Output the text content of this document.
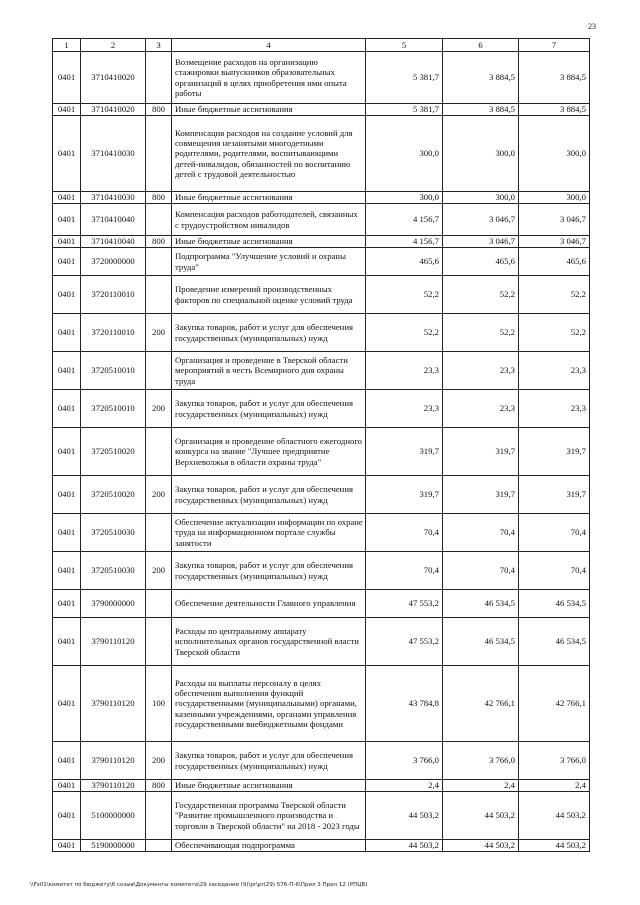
23
1	2	3	4	5	6	7
0401	3710410020		Возмещение расходов на организацию стажировки выпускников образовательных организаций в целях приобретения ими опыта работы	5 381,7	3 884,5	3 884,5
0401	3710410020	800	Иные бюджетные ассигнования	5 381,7	3 884,5	3 884,5
0401	3710410030		Компенсация расходов на создание условий для совмещения незанятыми многодетными родителями, родителями, воспитывающими детей-инвалидов, обязанностей по воспитанию детей с трудовой деятельностью	300,0	300,0	300,0
0401	3710410030	800	Иные бюджетные ассигнования	300,0	300,0	300,0
0401	3710410040		Компенсация расходов работодателей, связанных с трудоустройством инвалидов	4 156,7	3 046,7	3 046,7
0401	3710410040	800	Иные бюджетные ассигнования	4 156,7	3 046,7	3 046,7
0401	3720000000		Подпрограмма "Улучшение условий и охраны труда"	465,6	465,6	465,6
0401	3720110010		Проведение измерений производственных факторов по специальной оценке условий труда	52,2	52,2	52,2
0401	3720110010	200	Закупка товаров, работ и услуг для обеспечения государственных (муниципальных) нужд	52,2	52,2	52,2
0401	3720510010		Организация и проведение в Тверской области мероприятий в честь Всемирного дня охраны труда	23,3	23,3	23,3
0401	3720510010	200	Закупка товаров, работ и услуг для обеспечения государственных (муниципальных) нужд	23,3	23,3	23,3
0401	3720510020		Организация и проведение областного ежегодного конкурса на звание "Лучшее предприятие Верхневолжья в области охраны труда"	319,7	319,7	319,7
0401	3720510020	200	Закупка товаров, работ и услуг для обеспечения государственных (муниципальных) нужд	319,7	319,7	319,7
0401	3720510030		Обеспечение актуализации информации по охране труда на информационном портале службы занятости	70,4	70,4	70,4
0401	3720510030	200	Закупка товаров, работ и услуг для обеспечения государственных (муниципальных) нужд	70,4	70,4	70,4
0401	3790000000		Обеспечение деятельности Главного управления	47 553,2	46 534,5	46 534,5
0401	3790110120		Расходы по центральному аппарату исполнительных органов государственной власти Тверской области	47 553,2	46 534,5	46 534,5
0401	3790110120	100	Расходы на выплаты персоналу в целях обеспечения выполнения функций государственными (муниципальными) органами, казенными учреждениями, органами управления государственными внебюджетными фондами	43 784,8	42 766,1	42 766,1
0401	3790110120	200	Закупка товаров, работ и услуг для обеспечения государственных (муниципальных) нужд	3 766,0	3 766,0	3 766,0
0401	3790110120	800	Иные бюджетные ассигнования	2,4	2,4	2,4
0401	5100000000		Государственная программа Тверской области "Развитие промышленного производства и торговли в Тверской области" на 2018 - 2023 годы	44 503,2	44 503,2	44 503,2
0401	5190000000		Обеспечивающая подпрограмма	44 503,2	44 503,2	44 503,2
\\Fs01\комитет по бюджету\6 созыв\Документы комитета\29 заседание (9)\pr\pr(29) 576-П-6\Прил 3 Прил 12 (РПЦВ)
